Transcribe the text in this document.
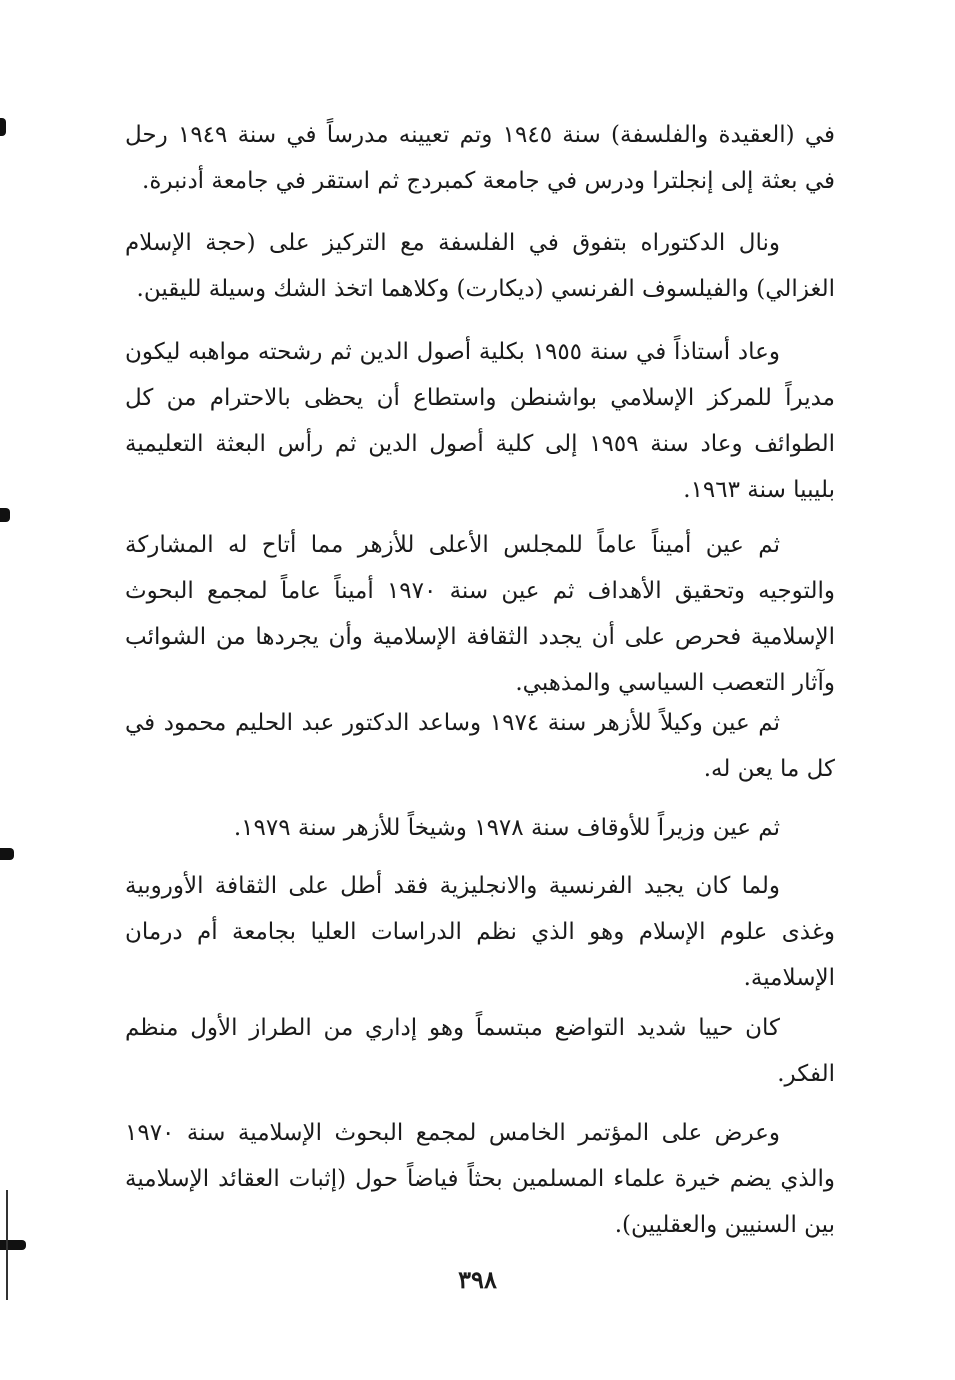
في (العقيدة والفلسفة) سنة ١٩٤٥ وتم تعيينه مدرساً في سنة ١٩٤٩ رحل في بعثة إلى إنجلترا ودرس في جامعة كمبردج ثم استقر في جامعة أدنبرة.

ونال الدكتوراه بتفوق في الفلسفة مع التركيز على (حجة الإسلام الغزالي) والفيلسوف الفرنسي (ديكارت) وكلاهما اتخذ الشك وسيلة لليقين.

وعاد أستاذاً في سنة ١٩٥٥ بكلية أصول الدين ثم رشحته مواهبه ليكون مديراً للمركز الإسلامي بواشنطن واستطاع أن يحظى بالاحترام من كل الطوائف وعاد سنة ١٩٥٩ إلى كلية أصول الدين ثم رأس البعثة التعليمية بليبيا سنة ١٩٦٣.

ثم عين أميناً عاماً للمجلس الأعلى للأزهر مما أتاح له المشاركة والتوجيه وتحقيق الأهداف ثم عين سنة ١٩٧٠ أميناً عاماً لمجمع البحوث الإسلامية فحرص على أن يجدد الثقافة الإسلامية وأن يجردها من الشوائب وآثار التعصب السياسي والمذهبي.

ثم عين وكيلاً للأزهر سنة ١٩٧٤ وساعد الدكتور عبد الحليم محمود في كل ما يعن له.

ثم عين وزيراً للأوقاف سنة ١٩٧٨ وشيخاً للأزهر سنة ١٩٧٩.

ولما كان يجيد الفرنسية والانجليزية فقد أطل على الثقافة الأوروبية وغذى علوم الإسلام وهو الذي نظم الدراسات العليا بجامعة أم درمان الإسلامية.

كان حييا شديد التواضع مبتسماً وهو إداري من الطراز الأول منظم الفكر.

وعرض على المؤتمر الخامس لمجمع البحوث الإسلامية سنة ١٩٧٠ والذي يضم خيرة علماء المسلمين بحثاً فياضاً حول (إثبات العقائد الإسلامية بين السنيين والعقليين).

٣٩٨
